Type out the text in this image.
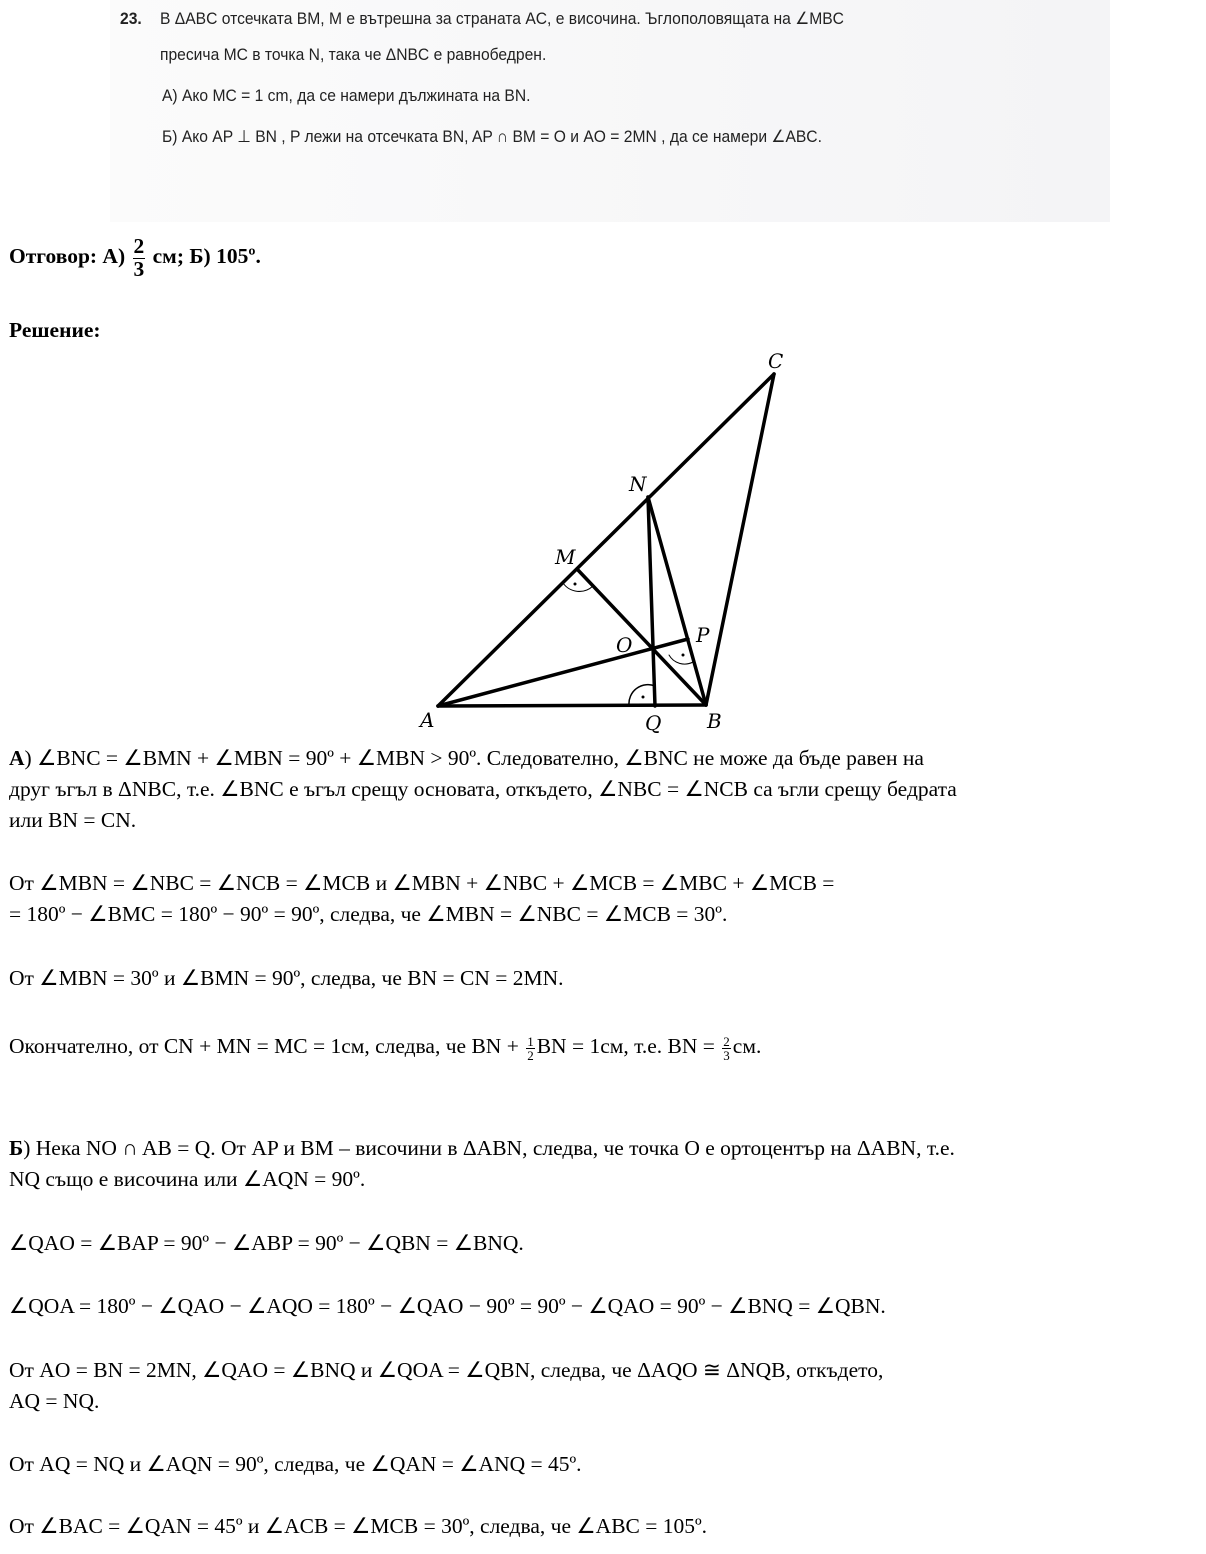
23. В ΔABC отсечката BM, M е вътрешна за страната AC, е височина. Ъглополовящата на ∠MBC
пресича MC в точка N, така че ΔNBC е равнобедрен.
А) Ако MC = 1 cm, да се намери дължината на BN.
Б) Ако AP ⊥ BN , P лежи на отсечката BN, AP ∩ BM = O и AO = 2MN , да се намери ∠ABC.
Отговор: $А) \frac{2}{3}$ см; Б) 105º.
Решение:
A	B
C
N
M
O	P
Q
А) ∠BNC = ∠BMN + ∠MBN = 90º + ∠MBN > 90º. Следователно, ∠BNC не може да бъде равен на
друг ъгъл в ΔNBC, т.е. ∠BNC е ъгъл срещу основата, откъдето, ∠NBC = ∠NCB са ъгли срещу бедрата
или BN = CN.
От ∠MBN = ∠NBC = ∠NCB = ∠MCB и ∠MBN + ∠NBC + ∠MCB = ∠MBC + ∠MCB =
= 180º − ∠BMC = 180º − 90º = 90º, следва, че ∠MBN = ∠NBC = ∠MCB = 30º.
От ∠MBN = 30º и ∠BMN = 90º, следва, че BN = CN = 2MN.
Окончателно, от CN + MN = MC = 1см, следва, че BN + $\frac{1}{2}$ BN = 1см, т.е. BN = $\frac{2}{3}$ см.
Б) Нека NO ∩ AB = Q. От AP и BM – височини в ΔABN, следва, че точка O е ортоцентър на ΔABN, т.е.
NQ също е височина или ∠AQN = 90º.
∠QAO = ∠BAP = 90º − ∠ABP = 90º − ∠QBN = ∠BNQ.
∠QOA = 180º − ∠QAO − ∠AQO = 180º − ∠QAO − 90º = 90º − ∠QAO = 90º − ∠BNQ = ∠QBN.
От AO = BN = 2MN, ∠QAO = ∠BNQ и ∠QOA = ∠QBN, следва, че ΔAQO ≅ ΔNQB, откъдето,
AQ = NQ.
От AQ = NQ и ∠AQN = 90º, следва, че ∠QAN = ∠ANQ = 45º.
От ∠BAC = ∠QAN = 45º и ∠ACB = ∠MCB = 30º, следва, че ∠ABC = 105º.
